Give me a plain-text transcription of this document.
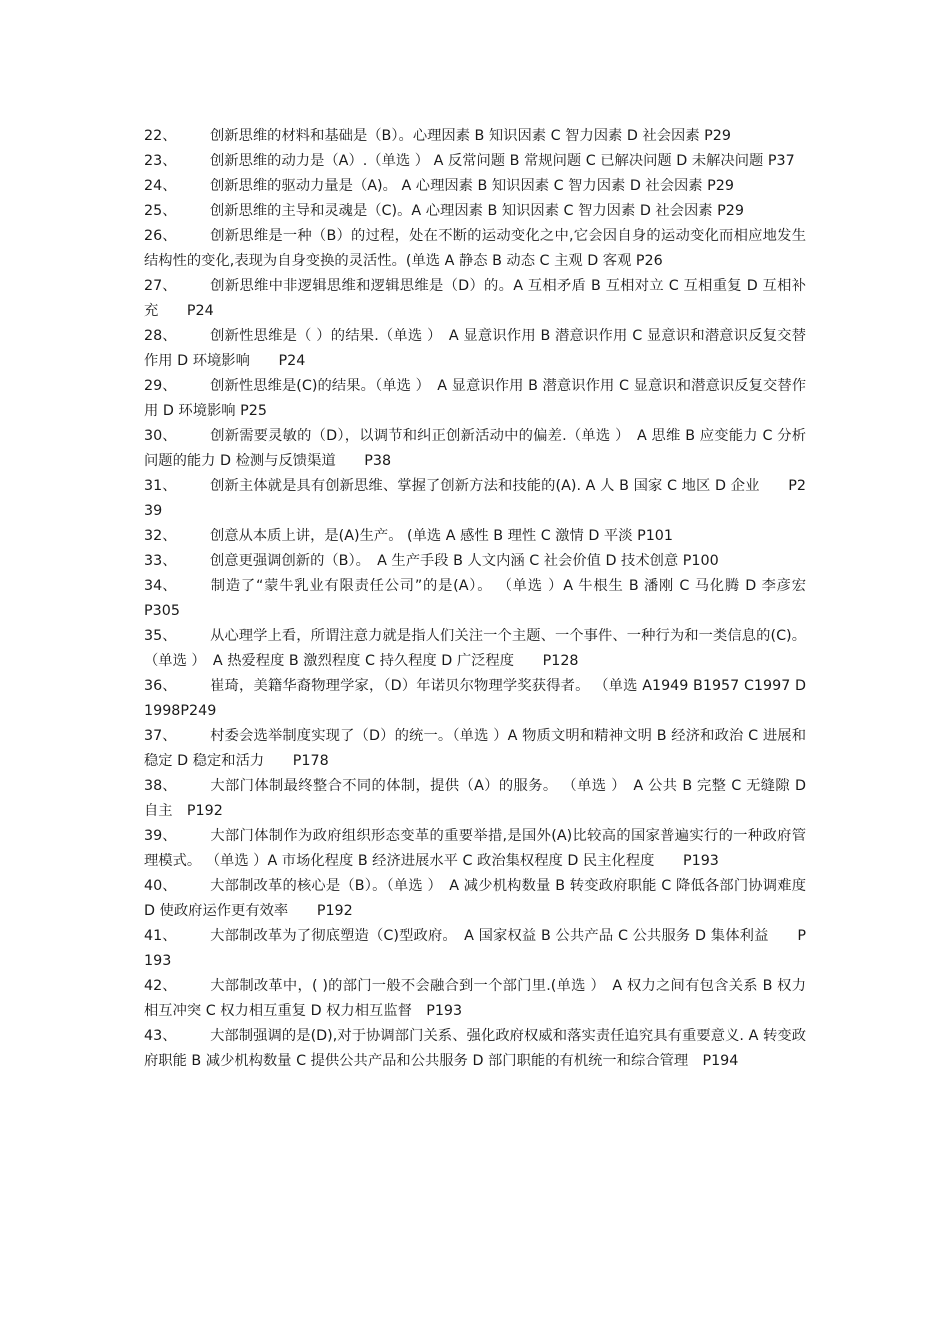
22、 创新思维的材料和基础是（B）。心理因素 B 知识因素 C 智力因素 D 社会因素 P29

23、 创新思维的动力是（A）.（单选 ） A 反常问题 B 常规问题 C 已解决问题 D 未解决问题 P37

24、 创新思维的驱动力量是（A)。 A 心理因素 B 知识因素 C 智力因素 D 社会因素 P29

25、 创新思维的主导和灵魂是（C)。A 心理因素 B 知识因素 C 智力因素 D 社会因素 P29

26、 创新思维是一种（B）的过程，处在不断的运动变化之中,它会因自身的运动变化而相应地发生结构性的变化,表现为自身变换的灵活性。(单选 A 静态 B 动态 C 主观 D 客观 P26

27、 创新思维中非逻辑思维和逻辑思维是（D）的。A 互相矛盾 B 互相对立 C 互相重复 D 互相补充　　P24

28、 创新性思维是（ ）的结果.（单选 ）　A 显意识作用 B 潜意识作用 C 显意识和潜意识反复交替作用 D 环境影响　　P24

29、 创新性思维是(C)的结果。（单选 ）　A 显意识作用 B 潜意识作用 C 显意识和潜意识反复交替作用 D 环境影响 P25

30、 创新需要灵敏的（D），以调节和纠正创新活动中的偏差.（单选 ）　A 思维 B 应变能力 C 分析问题的能力 D 检测与反馈渠道　　P38

31、 创新主体就是具有创新思维、掌握了创新方法和技能的(A). A 人 B 国家 C 地区 D 企业　　P239

32、 创意从本质上讲，是(A)生产。 (单选 A 感性 B 理性 C 激情 D 平淡 P101

33、 创意更强调创新的（B）。　A 生产手段 B 人文内涵 C 社会价值 D 技术创意 P100

34、 制造了“蒙牛乳业有限责任公司”的是(A）。 （单选 ）A 牛根生 B 潘刚 C 马化腾 D 李彦宏　　P305

35、 从心理学上看，所谓注意力就是指人们关注一个主题、一个事件、一种行为和一类信息的(C)。（单选 ）　A 热爱程度 B 激烈程度 C 持久程度 D 广泛程度　　P128

36、 崔琦，美籍华裔物理学家，（D）年诺贝尔物理学奖获得者。 （单选 A1949 B1957 C1997 D1998P249

37、 村委会选举制度实现了（D）的统一。（单选 ）A 物质文明和精神文明 B 经济和政治 C 进展和稳定 D 稳定和活力　　P178

38、 大部门体制最终整合不同的体制，提供（A）的服务。 （单选 ）　A 公共 B 完整 C 无缝隙 D 自主　P192

39、 大部门体制作为政府组织形态变革的重要举措,是国外(A)比较高的国家普遍实行的一种政府管理模式。 （单选 ）A 市场化程度 B 经济进展水平 C 政治集权程度 D 民主化程度　　P193

40、 大部制改革的核心是（B）。（单选 ）　A 减少机构数量 B 转变政府职能 C 降低各部门协调难度 D 使政府运作更有效率　　P192

41、 大部制改革为了彻底塑造（C)型政府。　A 国家权益 B 公共产品 C 公共服务 D 集体利益　　P193

42、 大部制改革中，( )的部门一般不会融合到一个部门里.(单选 ）　A 权力之间有包含关系 B 权力相互冲突 C 权力相互重复 D 权力相互监督　P193

43、 大部制强调的是(D),对于协调部门关系、强化政府权威和落实责任追究具有重要意义. A 转变政府职能 B 减少机构数量 C 提供公共产品和公共服务 D 部门职能的有机统一和综合管理　P194
